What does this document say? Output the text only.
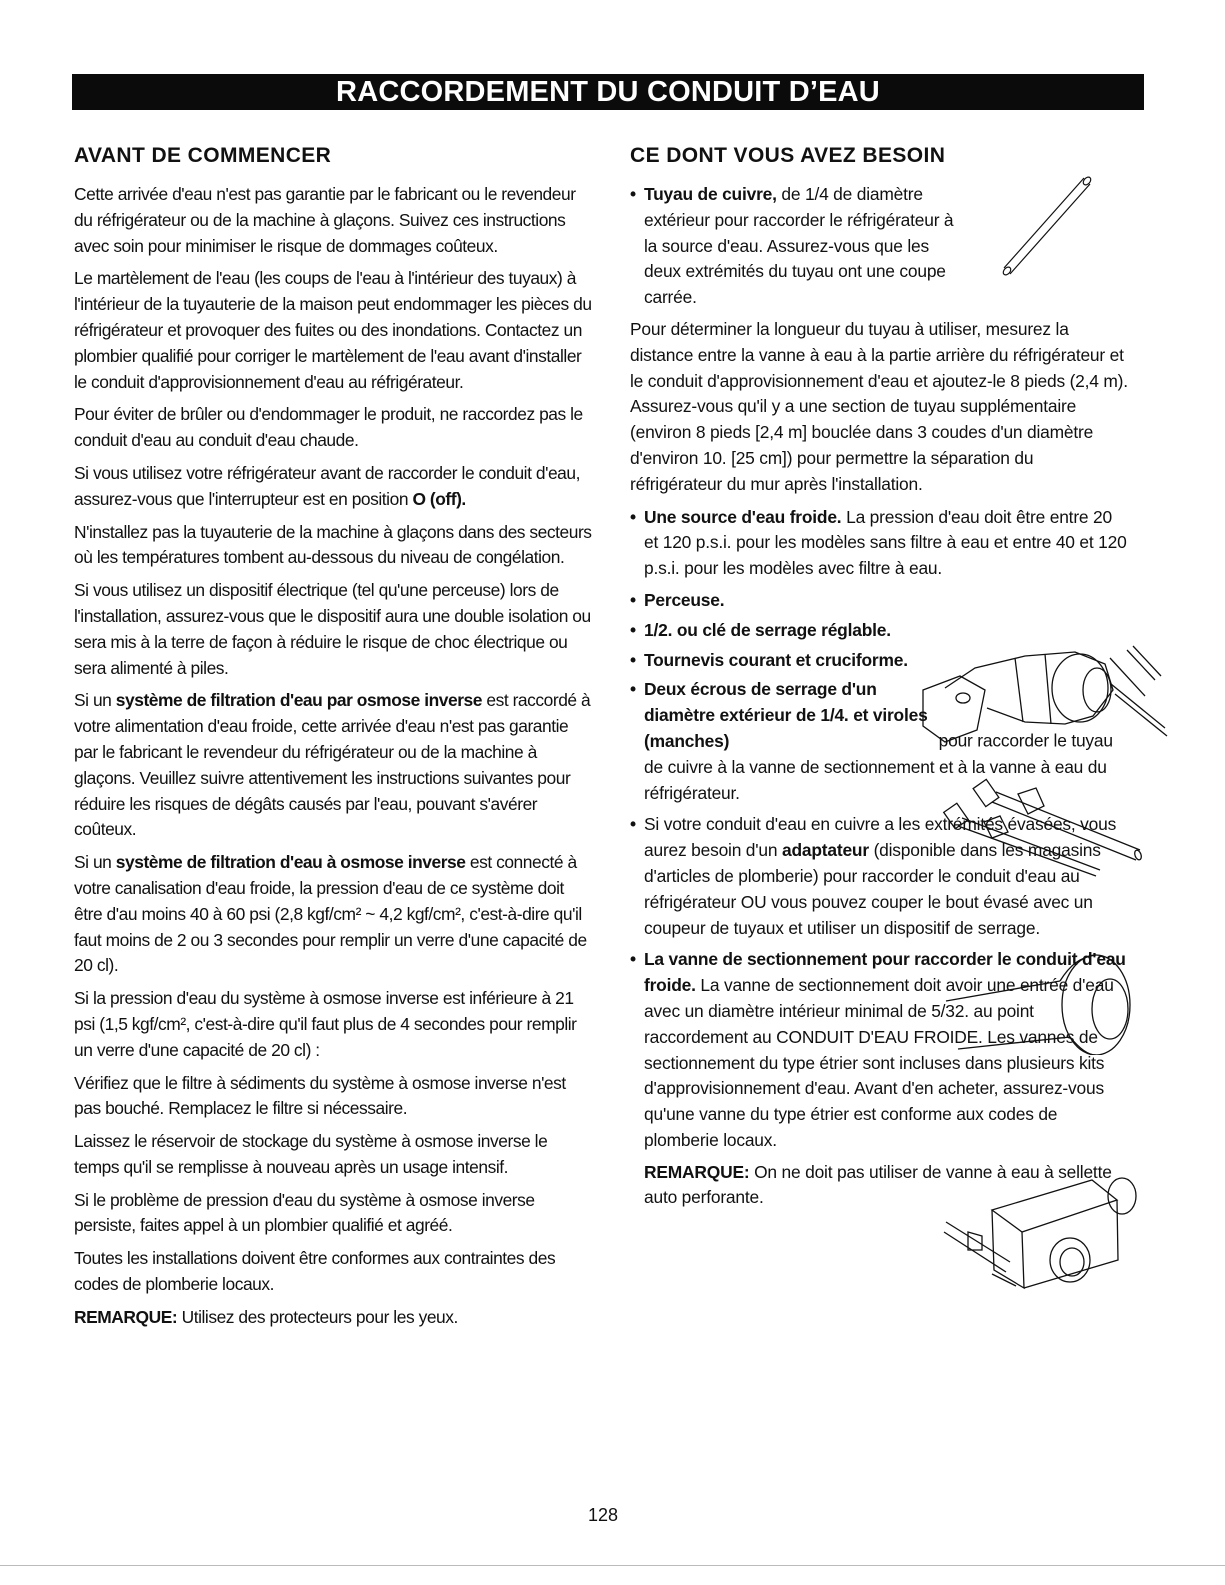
RACCORDEMENT DU CONDUIT D’EAU
AVANT DE COMMENCER

Cette arrivée d'eau n'est pas garantie par le fabricant ou le revendeur du réfrigérateur ou de la machine à glaçons. Suivez ces instructions avec soin pour minimiser le risque de dommages coûteux.

Le martèlement de l'eau (les coups de l'eau à l'intérieur des tuyaux) à l'intérieur de la tuyauterie de la maison peut endommager les pièces du réfrigérateur et provoquer des fuites ou des inondations. Contactez un plombier qualifié pour corriger le martèlement de l'eau avant d'installer le conduit d'approvisionnement d'eau au réfrigérateur.

Pour éviter de brûler ou d'endommager le produit, ne raccordez pas le conduit d'eau au conduit d'eau chaude.

Si vous utilisez votre réfrigérateur avant de raccorder le conduit d'eau, assurez-vous que l'interrupteur est en position O (off).

N'installez pas la tuyauterie de la machine à glaçons dans des secteurs où les températures tombent au-dessous du niveau de congélation.

Si vous utilisez un dispositif électrique (tel qu'une perceuse) lors de l'installation, assurez-vous que le dispositif aura une double isolation ou sera mis à la terre de façon à réduire le risque de choc électrique ou sera alimenté à piles.

Si un système de filtration d'eau par osmose inverse est raccordé à votre alimentation d'eau froide, cette arrivée d'eau n'est pas garantie par le fabricant le revendeur du réfrigérateur ou de la machine à glaçons. Veuillez suivre attentivement les instructions suivantes pour réduire les risques de dégâts causés par l'eau, pouvant s'avérer coûteux.

Si un système de filtration d'eau à osmose inverse est connecté à votre canalisation d'eau froide, la pression d'eau de ce système doit être d'au moins 40 à 60 psi (2,8 kgf/cm² ~ 4,2 kgf/cm², c'est-à-dire qu'il faut moins de 2 ou 3 secondes pour remplir un verre d'une capacité de 20 cl).

Si la pression d'eau du système à osmose inverse est inférieure à 21 psi (1,5 kgf/cm², c'est-à-dire qu'il faut plus de 4 secondes pour remplir un verre d'une capacité de 20 cl) :

Vérifiez que le filtre à sédiments du système à osmose inverse n'est pas bouché. Remplacez le filtre si nécessaire.

Laissez le réservoir de stockage du système à osmose inverse le temps qu'il se remplisse à nouveau après un usage intensif.

Si le problème de pression d'eau du système à osmose inverse persiste, faites appel à un plombier qualifié et agréé.

Toutes les installations doivent être conformes aux contraintes des codes de plomberie locaux.

REMARQUE: Utilisez des protecteurs pour les yeux.

CE DONT VOUS AVEZ BESOIN
• Tuyau de cuivre, de 1/4 de diamètre extérieur pour raccorder le réfrigérateur à la source d'eau. Assurez-vous que les deux extrémités du tuyau ont une coupe carrée.

Pour déterminer la longueur du tuyau à utiliser, mesurez la distance entre la vanne à eau à la partie arrière du réfrigérateur et le conduit d'approvisionnement d'eau et ajoutez-le 8 pieds (2,4 m). Assurez-vous qu'il y a une section de tuyau supplémentaire (environ 8 pieds [2,4 m] bouclée dans 3 coudes d'un diamètre d'environ 10. [25 cm]) pour permettre la séparation du réfrigérateur du mur après l'installation.

• Une source d'eau froide. La pression d'eau doit être entre 20 et 120 p.s.i. pour les modèles sans filtre à eau et entre 40 et 120 p.s.i. pour les modèles avec filtre à eau.
• Perceuse.
• 1/2. ou clé de serrage réglable.
• Tournevis courant et cruciforme.
• Deux écrous de serrage d'un diamètre extérieur de 1/4. et viroles (manches)	pour raccorder le tuyau de cuivre à la vanne de sectionnement et à la vanne à eau du réfrigérateur.
• Si votre conduit d'eau en cuivre a les extrémités évasées, vous aurez besoin d'un adaptateur (disponible dans les magasins d'articles de plomberie) pour raccorder le conduit d'eau au réfrigérateur OU vous pouvez couper le bout évasé avec un coupeur de tuyaux et utiliser un dispositif de serrage.
• La vanne de sectionnement pour raccorder le conduit d'eau froide. La vanne de sectionnement doit avoir une entrée d'eau avec un diamètre intérieur minimal de 5/32. au point raccordement au CONDUIT D'EAU FROIDE. Les vannes de sectionnement du type étrier sont incluses dans plusieurs kits d'approvisionnement d'eau. Avant d'en acheter, assurez-vous qu'une vanne du type étrier est conforme aux codes de plomberie locaux.

REMARQUE: On ne doit pas utiliser de vanne à eau à sellette auto perforante.

128
